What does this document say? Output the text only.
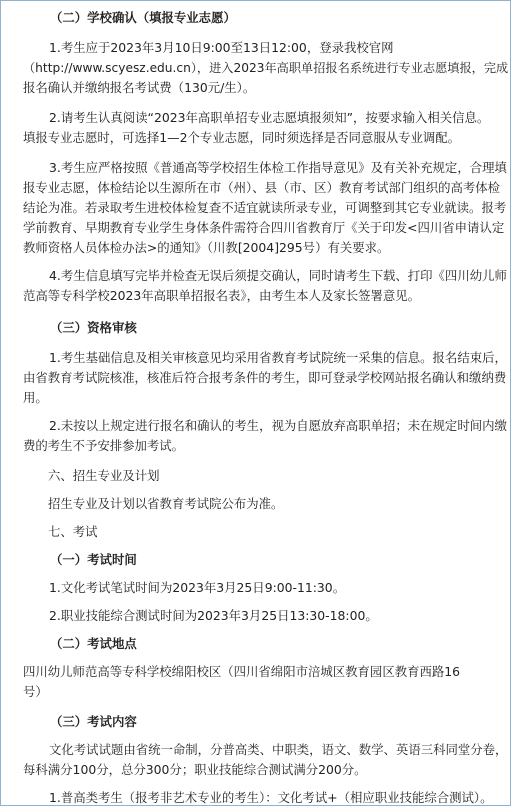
（二）学校确认（填报专业志愿）
1.考生应于2023年3月10日9:00至13日12:00，登录我校官网
（http://www.scyesz.edu.cn），进入2023年高职单招报名系统进行专业志愿填报，完成
报名确认并缴纳报名考试费（130元/生）。
2.请考生认真阅读“2023年高职单招专业志愿填报须知”，按要求输入相关信息。
填报专业志愿时，可选择1—2个专业志愿，同时须选择是否同意服从专业调配。
3.考生应严格按照《普通高等学校招生体检工作指导意见》及有关补充规定，合理填
报专业志愿，体检结论以生源所在市（州）、县（市、区）教育考试部门组织的高考体检
结论为准。若录取考生进校体检复查不适宜就读所录专业，可调整到其它专业就读。报考
学前教育、早期教育专业学生身体条件需符合四川省教育厅《关于印发<四川省申请认定
教师资格人员体检办法>的通知》（川教[2004]295号）有关要求。
4.考生信息填写完毕并检查无误后须提交确认，同时请考生下载、打印《四川幼儿师
范高等专科学校2023年高职单招报名表》，由考生本人及家长签署意见。
（三）资格审核
1.考生基础信息及相关审核意见均采用省教育考试院统一采集的信息。报名结束后，
由省教育考试院核准，核准后符合报考条件的考生，即可登录学校网站报名确认和缴纳费
用。
2.未按以上规定进行报名和确认的考生，视为自愿放弃高职单招；未在规定时间内缴
费的考生不予安排参加考试。
六、招生专业及计划
招生专业及计划以省教育考试院公布为准。
七、考试
（一）考试时间
1.文化考试笔试时间为2023年3月25日9:00-11:30。
2.职业技能综合测试时间为2023年3月25日13:30-18:00。
（二）考试地点
四川幼儿师范高等专科学校绵阳校区（四川省绵阳市涪城区教育园区教育西路16
号）
（三）考试内容
文化考试试题由省统一命制，分普高类、中职类，语文、数学、英语三科同堂分卷，
每科满分100分，总分300分；职业技能综合测试满分200分。
1.普高类考生（报考非艺术专业的考生）：文化考试+（相应职业技能综合测试）。
